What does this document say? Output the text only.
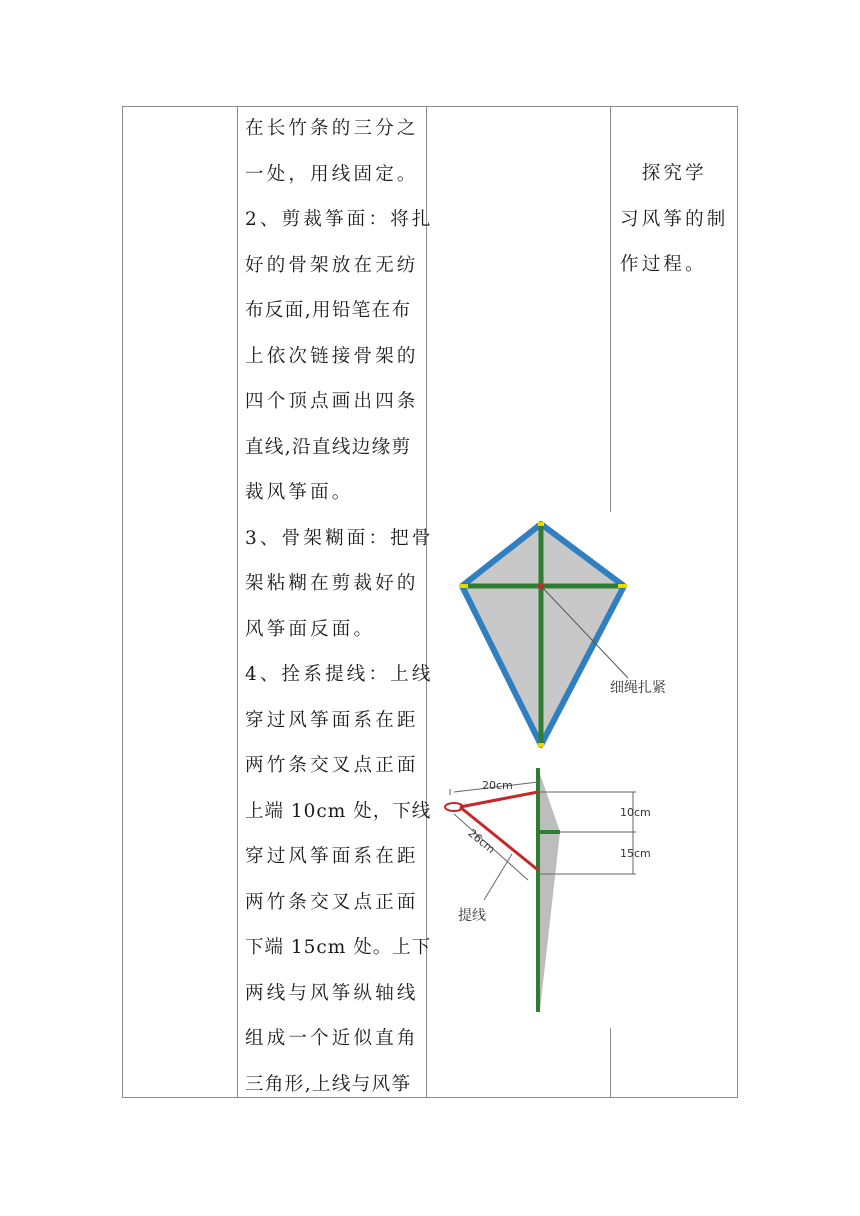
在长竹条的三分之
一处，用线固定。
2、剪裁筝面：将扎
好的骨架放在无纺
布反面,用铅笔在布
上依次链接骨架的
四个顶点画出四条
直线,沿直线边缘剪
裁风筝面。
3、骨架糊面：把骨
架粘糊在剪裁好的
风筝面反面。
4、拴系提线：上线
穿过风筝面系在距
两竹条交叉点正面
上端 10cm 处，下线
穿过风筝面系在距
两竹条交叉点正面
下端 15cm 处。上下
两线与风筝纵轴线
组成一个近似直角
三角形,上线与风筝
　探究学
习风筝的制
作过程。
细绳扎紧
20cm
26cm
10cm
15cm
提线
